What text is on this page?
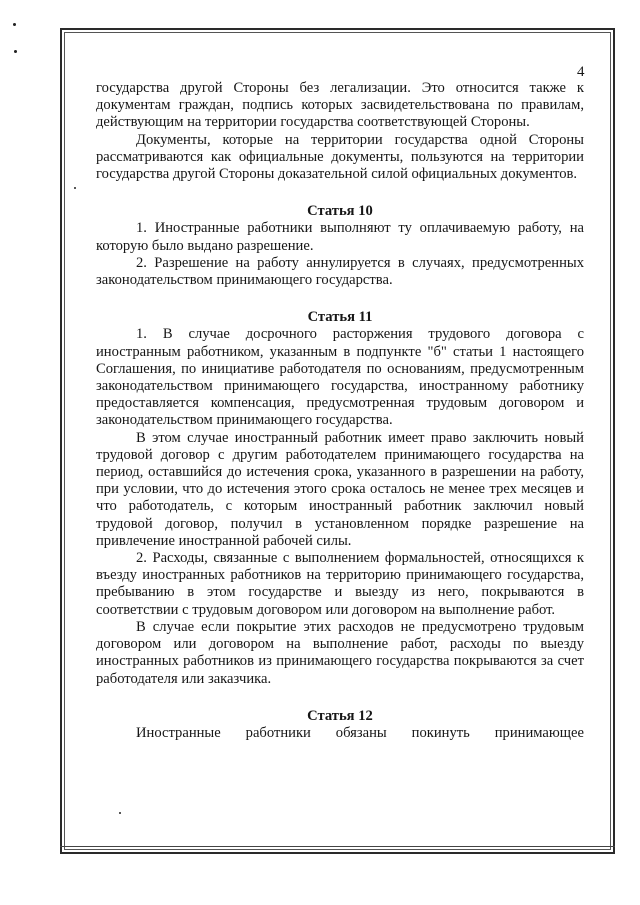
4

государства другой Стороны без легализации. Это относится также к документам граждан, подпись которых засвидетельствована по правилам, действующим на территории государства соответствующей Стороны.

Документы, которые на территории государства одной Стороны рассматриваются как официальные документы, пользуются на территории государства другой Стороны доказательной силой официальных документов.

Статья 10

1. Иностранные работники выполняют ту оплачиваемую работу, на которую было выдано разрешение.

2. Разрешение на работу аннулируется в случаях, предусмотренных законодательством принимающего государства.

Статья 11

1. В случае досрочного расторжения трудового договора с иностранным работником, указанным в подпункте "б" статьи 1 настоящего Соглашения, по инициативе работодателя по основаниям, предусмотренным законодательством принимающего государства, иностранному работнику предоставляется компенсация, предусмотренная трудовым договором и законодательством принимающего государства.

В этом случае иностранный работник имеет право заключить новый трудовой договор с другим работодателем принимающего государства на период, оставшийся до истечения срока, указанного в разрешении на работу, при условии, что до истечения этого срока осталось не менее трех месяцев и что работодатель, с которым иностранный работник заключил новый трудовой договор, получил в установленном порядке разрешение на привлечение иностранной рабочей силы.

2. Расходы, связанные с выполнением формальностей, относящихся к въезду иностранных работников на территорию принимающего государства, пребыванию в этом государстве и выезду из него, покрываются в соответствии с трудовым договором или договором на выполнение работ.

В случае если покрытие этих расходов не предусмотрено трудовым договором или договором на выполнение работ, расходы по выезду иностранных работников из принимающего государства покрываются за счет работодателя или заказчика.

Статья 12

Иностранные работники обязаны покинуть принимающее
